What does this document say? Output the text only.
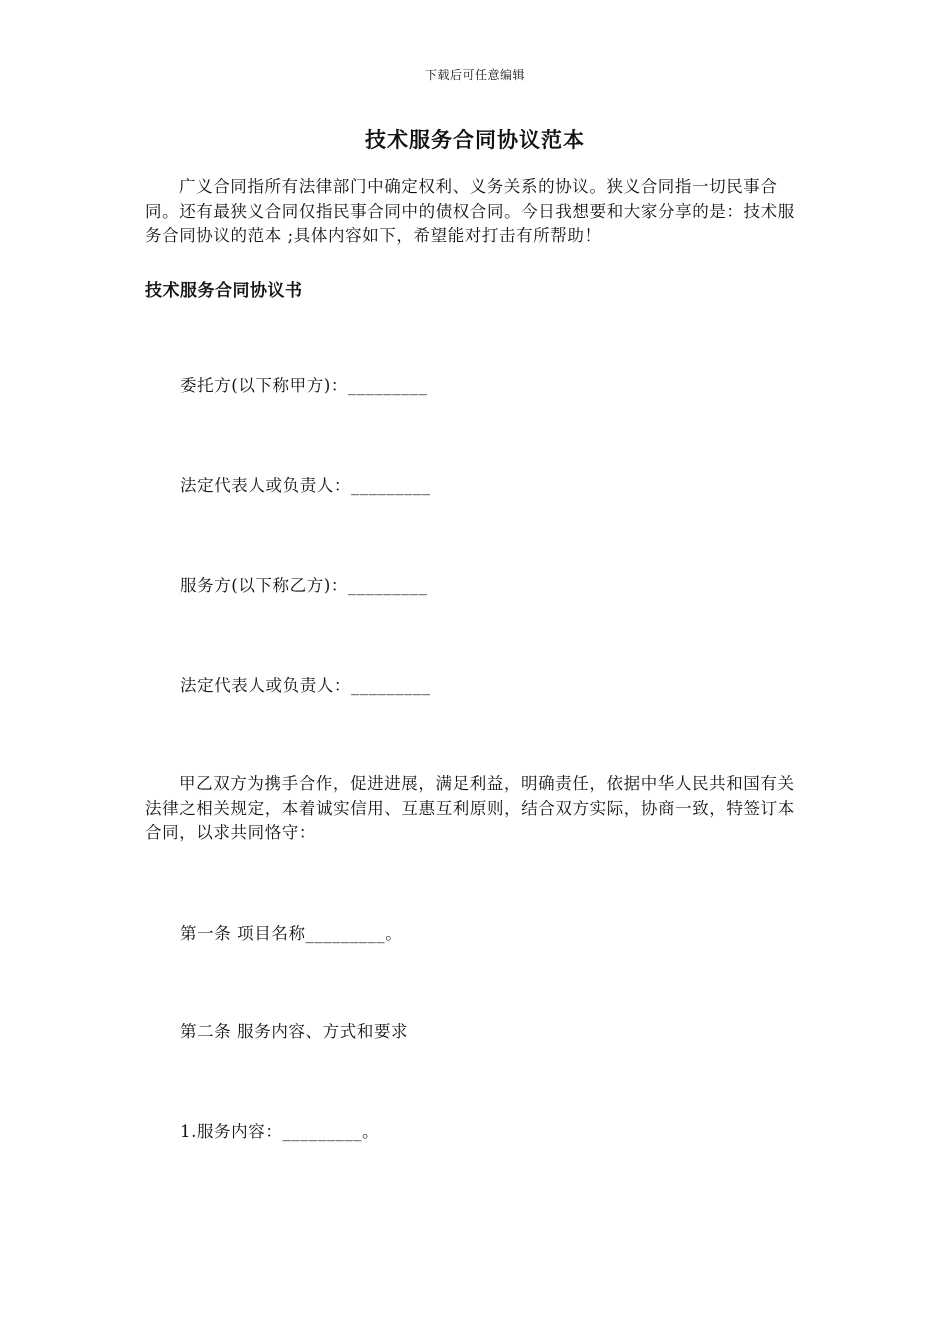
下载后可任意编辑
技术服务合同协议范本

广义合同指所有法律部门中确定权利、义务关系的协议。狭义合同指一切民事合同。还有最狭义合同仅指民事合同中的债权合同。今日我想要和大家分享的是：技术服务合同协议的范本 ;具体内容如下，希望能对打击有所帮助！

技术服务合同协议书
委托方(以下称甲方)：_________
法定代表人或负责人：_________
服务方(以下称乙方)：_________
法定代表人或负责人：_________

甲乙双方为携手合作，促进进展，满足利益，明确责任，依据中华人民共和国有关法律之相关规定，本着诚实信用、互惠互利原则，结合双方实际，协商一致，特签订本合同，以求共同恪守：

第一条 项目名称_________。
第二条 服务内容、方式和要求
1.服务内容：_________。
